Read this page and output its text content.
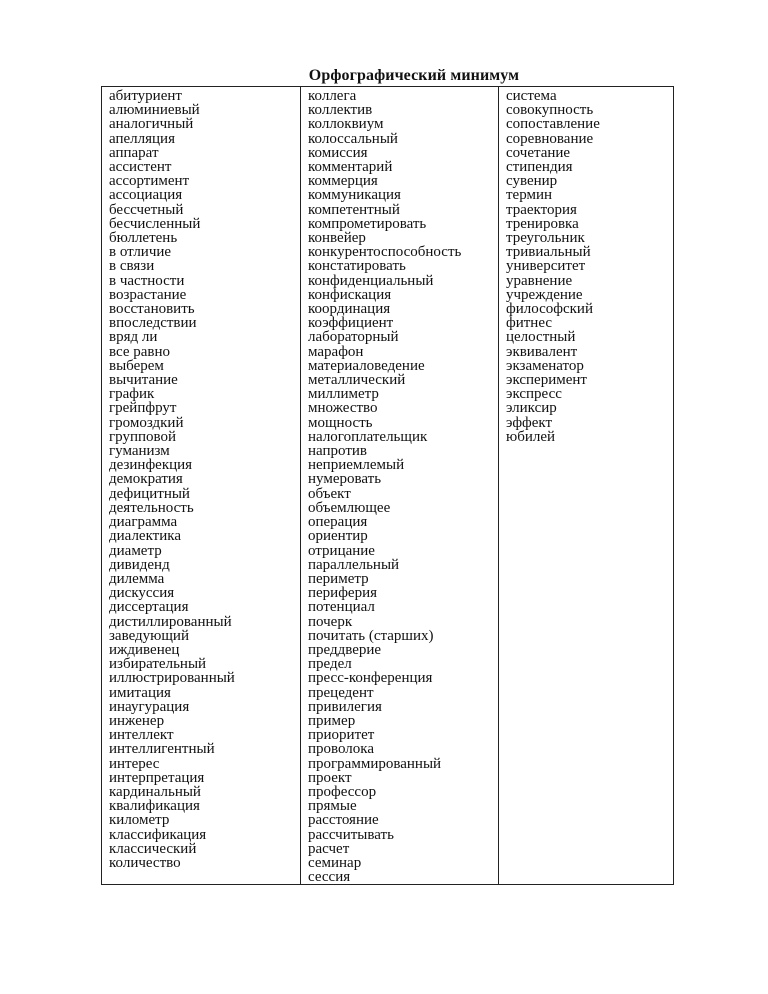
Орфографический минимум
абитуриент
алюминиевый
аналогичный
апелляция
аппарат
ассистент
ассортимент
ассоциация
бессчетный
бесчисленный
бюллетень
в отличие
в связи
в частности
возрастание
восстановить
впоследствии
вряд ли
все равно
выберем
вычитание
график
грейпфрут
громоздкий
групповой
гуманизм
дезинфекция
демократия
дефицитный
деятельность
диаграмма
диалектика
диаметр
дивиденд
дилемма
дискуссия
диссертация
дистиллированный
заведующий
иждивенец
избирательный
иллюстрированный
имитация
инаугурация
инженер
интеллект
интеллигентный
интерес
интерпретация
кардинальный
квалификация
километр
классификация
классический
количество

коллега
коллектив
коллоквиум
колоссальный
комиссия
комментарий
коммерция
коммуникация
компетентный
компрометировать
конвейер
конкурентоспособность
констатировать
конфиденциальный
конфискация
координация
коэффициент
лабораторный
марафон
материаловедение
металлический
миллиметр
множество
мощность
налогоплательщик
напротив
неприемлемый
нумеровать
объект
объемлющее
операция
ориентир
отрицание
параллельный
периметр
периферия
потенциал
почерк
почитать (старших)
преддверие
предел
пресс-конференция
прецедент
привилегия
пример
приоритет
проволока
программированный
проект
профессор
прямые
расстояние
рассчитывать
расчет
семинар
сессия

система
совокупность
сопоставление
соревнование
сочетание
стипендия
сувенир
термин
траектория
тренировка
треугольник
тривиальный
университет
уравнение
учреждение
философский
фитнес
целостный
эквивалент
экзаменатор
эксперимент
экспресс
эликсир
эффект
юбилей
